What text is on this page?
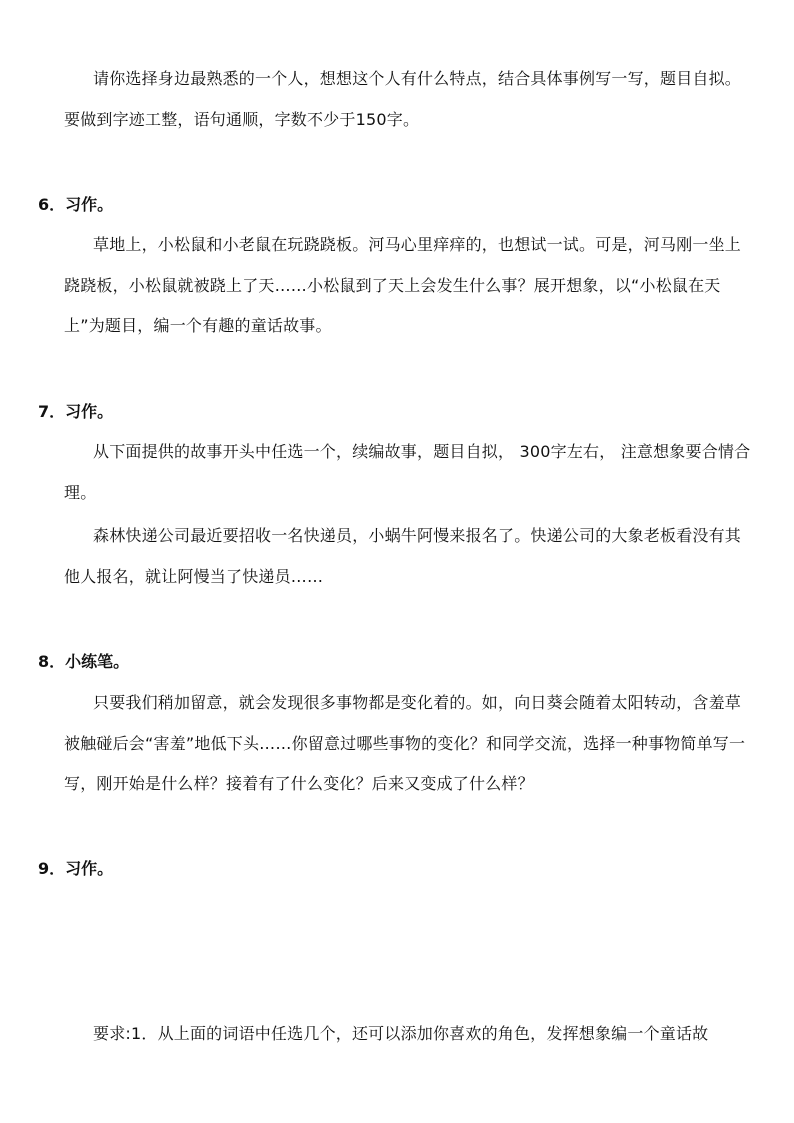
请你选择身边最熟悉的一个人，想想这个人有什么特点，结合具体事例写一写，题目自拟。要做到字迹工整，语句通顺，字数不少于150字。

6．习作。

草地上，小松鼠和小老鼠在玩跷跷板。河马心里痒痒的，也想试一试。可是，河马刚一坐上跷跷板，小松鼠就被跷上了天……小松鼠到了天上会发生什么事？展开想象，以“小松鼠在天上”为题目，编一个有趣的童话故事。

7．习作。

从下面提供的故事开头中任选一个，续编故事，题目自拟， 300字左右， 注意想象要合情合理。

森林快递公司最近要招收一名快递员，小蜗牛阿慢来报名了。快递公司的大象老板看没有其他人报名，就让阿慢当了快递员……

8．小练笔。

只要我们稍加留意，就会发现很多事物都是变化着的。如，向日葵会随着太阳转动，含羞草被触碰后会“害羞”地低下头……你留意过哪些事物的变化？和同学交流，选择一种事物简单写一写，刚开始是什么样？接着有了什么变化？后来又变成了什么样？

9．习作。

要求:1．从上面的词语中任选几个，还可以添加你喜欢的角色，发挥想象编一个童话故
